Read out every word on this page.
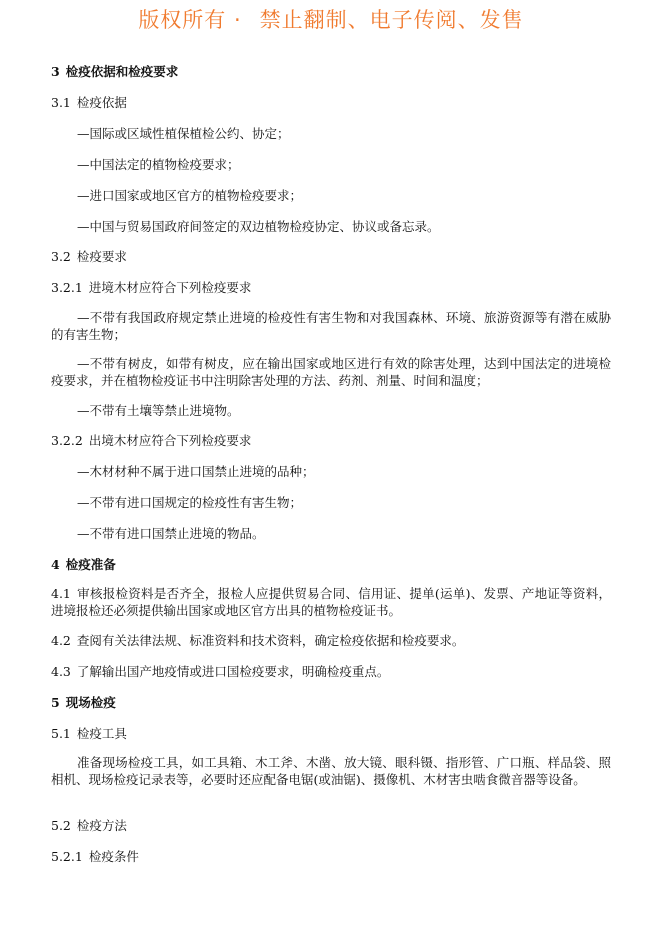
版权所有 · 禁止翻制、电子传阅、发售
3 检疫依据和检疫要求
3.1 检疫依据
—国际或区域性植保植检公约、协定；
—中国法定的植物检疫要求；
—进口国家或地区官方的植物检疫要求；
—中国与贸易国政府间签定的双边植物检疫协定、协议或备忘录。
3.2 检疫要求
3.2.1 进境木材应符合下列检疫要求
—不带有我国政府规定禁止进境的检疫性有害生物和对我国森林、环境、旅游资源等有潜在威胁的有害生物；
—不带有树皮，如带有树皮，应在输出国家或地区进行有效的除害处理，达到中国法定的进境检疫要求，并在植物检疫证书中注明除害处理的方法、药剂、剂量、时间和温度；
—不带有土壤等禁止进境物。
3.2.2 出境木材应符合下列检疫要求
—木材材种不属于进口国禁止进境的品种；
—不带有进口国规定的检疫性有害生物；
—不带有进口国禁止进境的物品。
4 检疫准备
4.1 审核报检资料是否齐全，报检人应提供贸易合同、信用证、提单(运单)、发票、产地证等资料，进境报检还必须提供输出国家或地区官方出具的植物检疫证书。
4.2 查阅有关法律法规、标准资料和技术资料，确定检疫依据和检疫要求。
4.3 了解输出国产地疫情或进口国检疫要求，明确检疫重点。
5 现场检疫
5.1 检疫工具
准备现场检疫工具，如工具箱、木工斧、木凿、放大镜、眼科镊、指形管、广口瓶、样品袋、照相机、现场检疫记录表等，必要时还应配备电锯(或油锯)、摄像机、木材害虫啮食微音器等设备。
5.2 检疫方法
5.2.1 检疫条件
